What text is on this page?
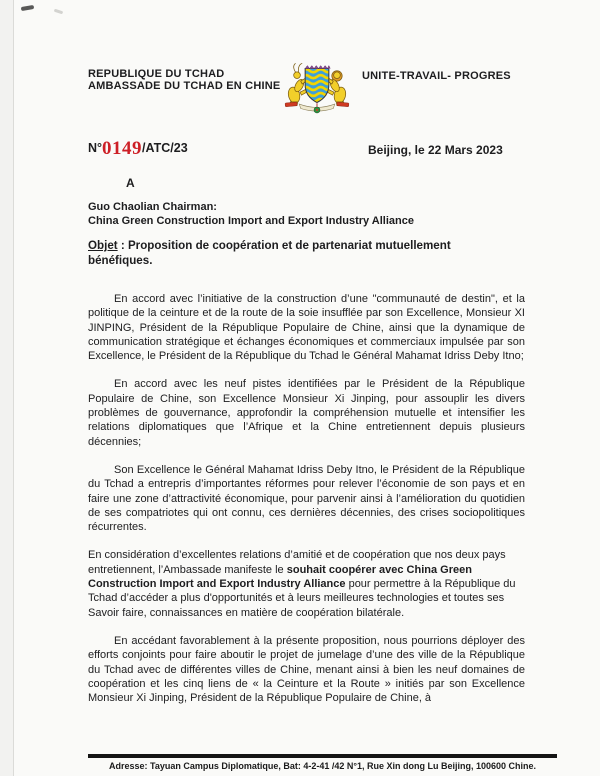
REPUBLIQUE DU TCHAD

AMBASSADE DU TCHAD EN CHINE
UNITE-TRAVAIL- PROGRES
N°0149/ATC/23	Beijing, le 22 Mars 2023
A
Guo Chaolian Chairman:
China Green Construction Import and Export Industry Alliance
Objet : Proposition de coopération et de partenariat mutuellement bénéfiques.

En accord avec l’initiative de la construction d’une "communauté de destin", et la politique de la ceinture et de la route de la soie insufflée par son Excellence, Monsieur XI JINPING, Président de la République Populaire de Chine, ainsi que la dynamique de communication stratégique et échanges économiques et commerciaux impulsée par son Excellence, le Président de la République du Tchad le Général Mahamat Idriss Deby Itno;

En accord avec les neuf pistes identifiées par le Président de la République Populaire de Chine, son Excellence Monsieur Xi Jinping, pour assouplir les divers problèmes de gouvernance, approfondir la compréhension mutuelle et intensifier les relations diplomatiques que l’Afrique et la Chine entretiennent depuis plusieurs décennies;

Son Excellence le Général Mahamat Idriss Deby Itno, le Président de la République du Tchad a entrepris d’importantes réformes pour relever l’économie de son pays et en faire une zone d’attractivité économique, pour parvenir ainsi à l’amélioration du quotidien de ses compatriotes qui ont connu, ces dernières décennies, des crises sociopolitiques récurrentes.

En considération d’excellentes relations d’amitié et de coopération que nos deux pays entretiennent, l’Ambassade manifeste le souhait coopérer avec China Green Construction Import and Export Industry Alliance pour permettre à la République du Tchad d’accéder a plus d'opportunités et à leurs meilleures technologies et toutes ses Savoir faire, connaissances en matière de coopération bilatérale.

En accédant favorablement à la présente proposition, nous pourrions déployer des efforts conjoints pour faire aboutir le projet de jumelage d’une des ville de la République du Tchad avec de différentes villes de Chine, menant ainsi à bien les neuf domaines de coopération et les cinq liens de « la Ceinture et la Route » initiés par son Excellence Monsieur Xi Jinping, Président de la République Populaire de Chine, à

Adresse: Tayuan Campus Diplomatique, Bat: 4-2-41 /42 N°1, Rue Xin dong Lu Beijing, 100600 Chine.
